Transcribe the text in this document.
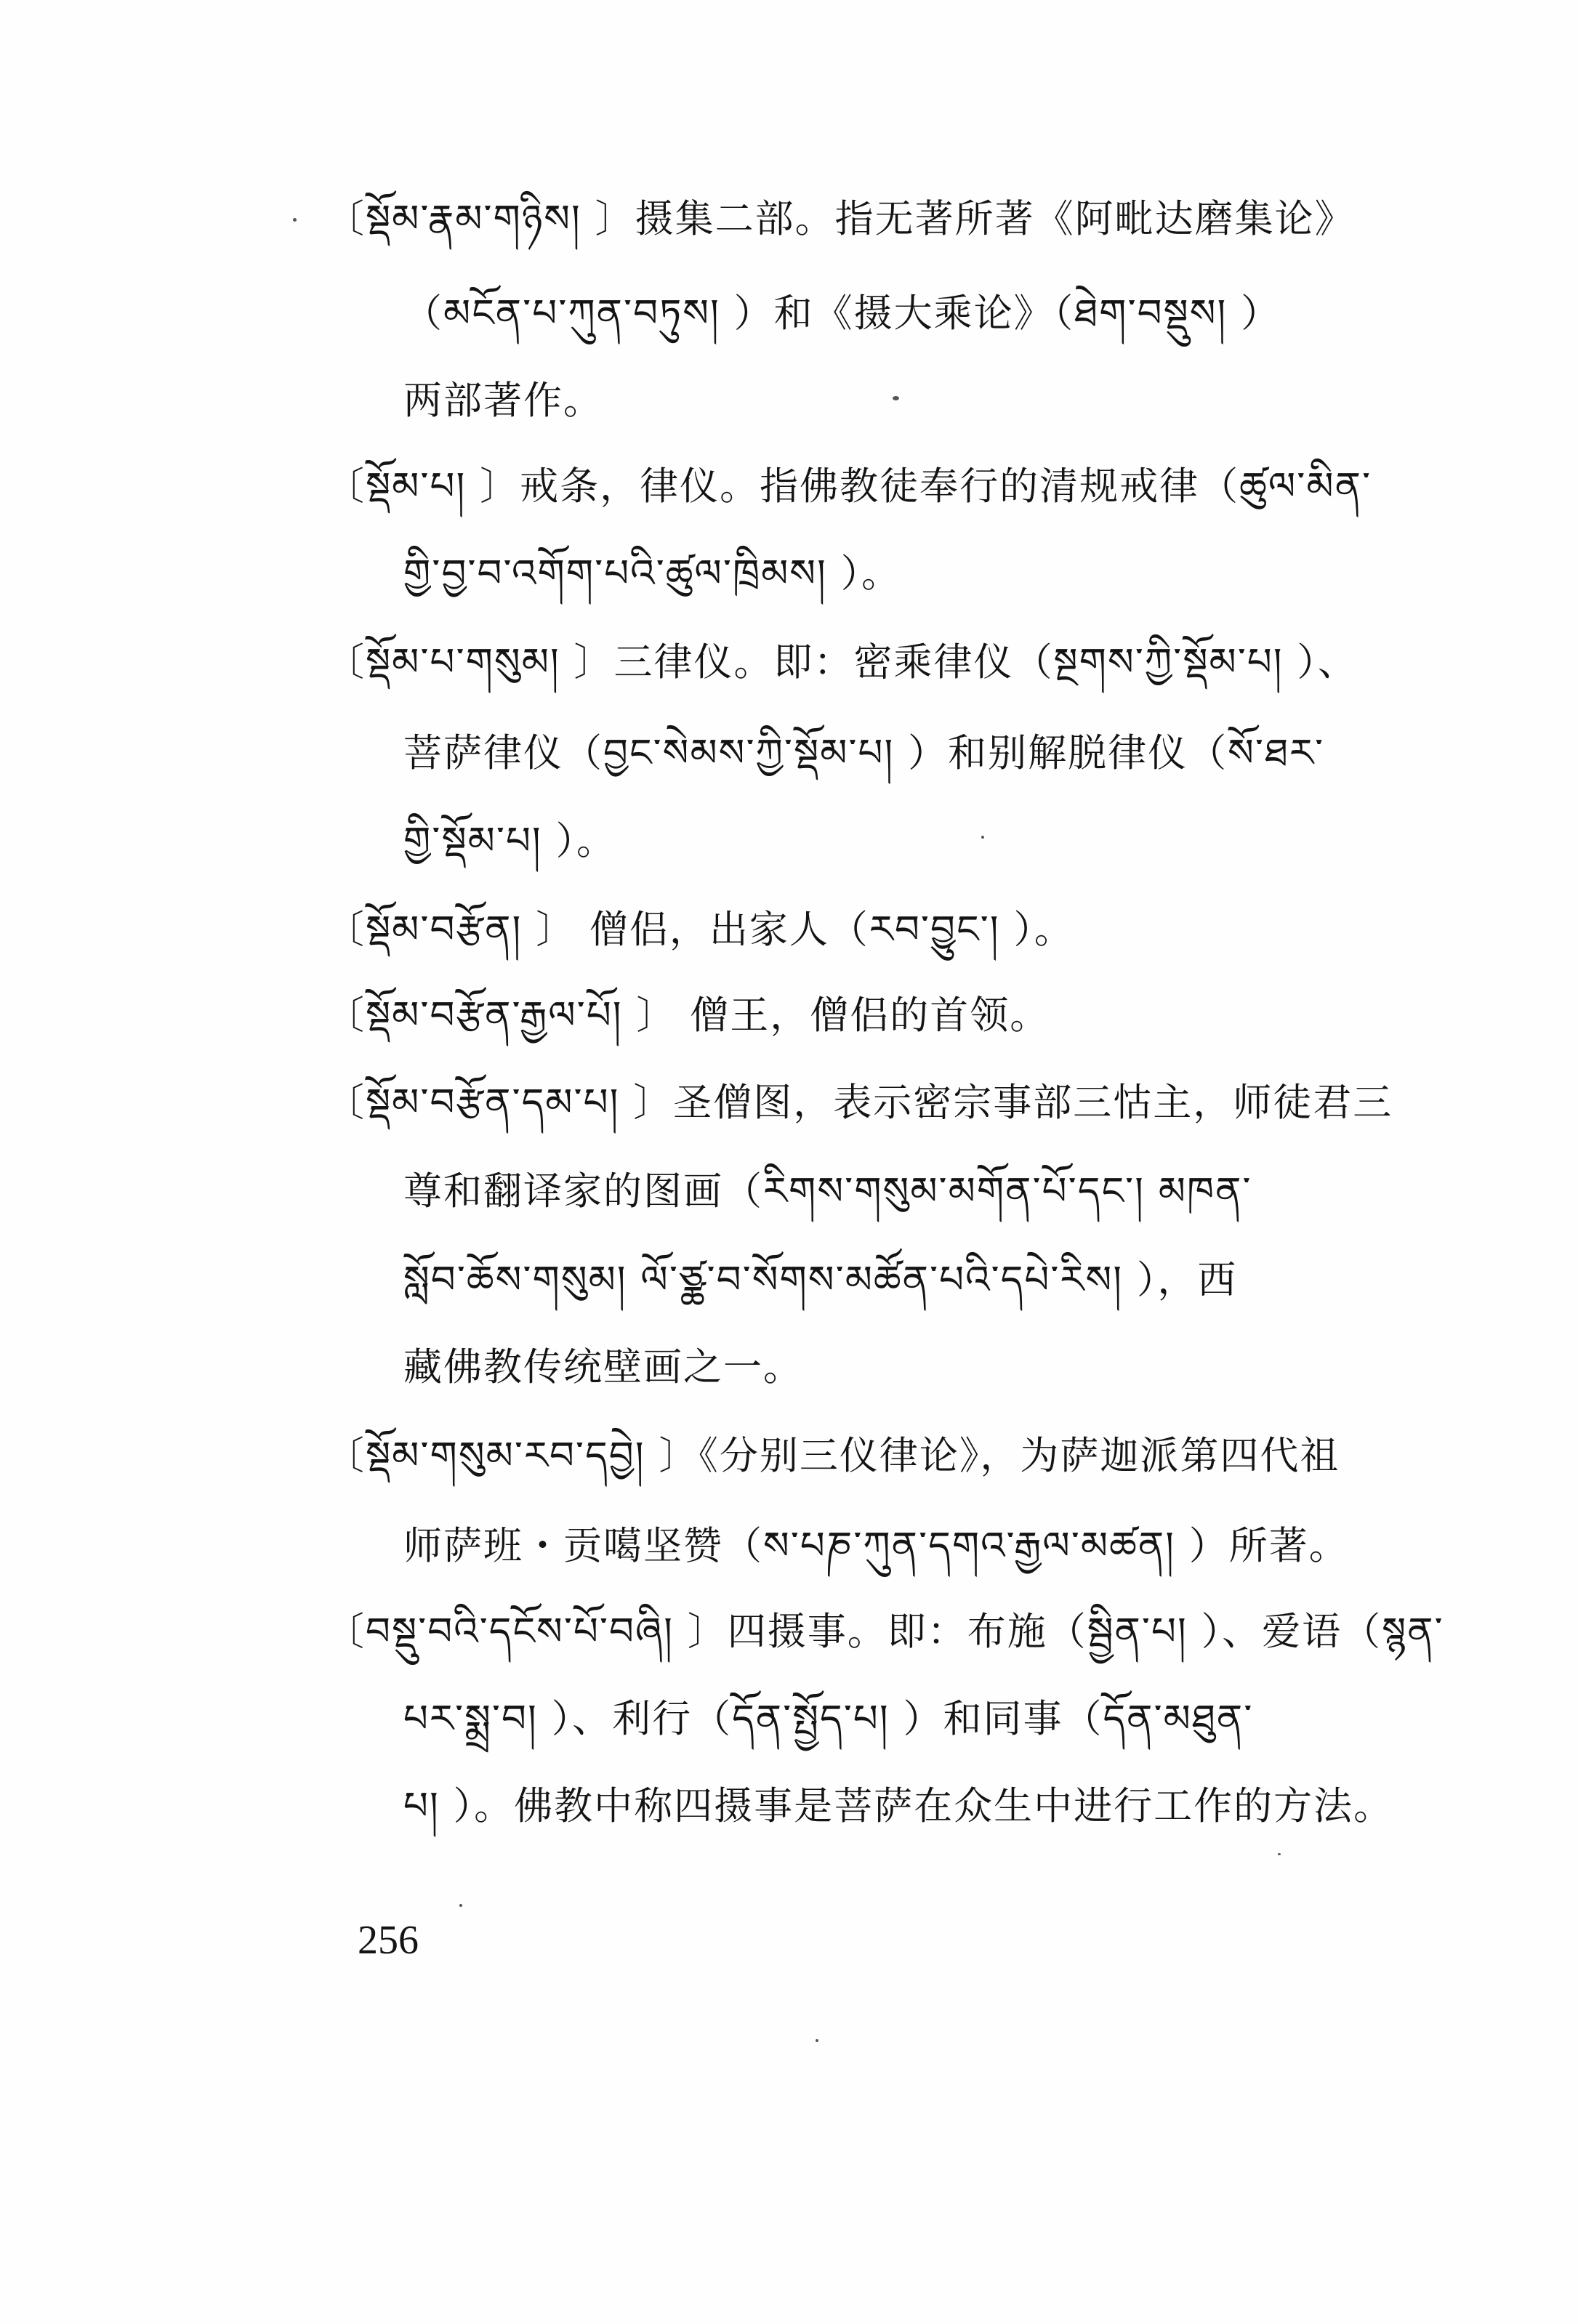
〔སྡོམ་རྣམ་གཉིས། 〕摄集二部。指无著所著《阿毗达磨集论》
（མངོན་པ་ཀུན་བཏུས། ）和《摄大乘论》（ཐེག་བསྡུས། ）
两部著作。
〔སྡོམ་པ། 〕戒条，律仪。指佛教徒奉行的清规戒律（ཚུལ་མིན་
གྱི་བྱ་བ་འགོག་པའི་ཚུལ་ཁྲིམས། ）。
〔སྡོམ་པ་གསུམ། 〕三律仪。即：密乘律仪（སྔགས་ཀྱི་སྡོམ་པ། ）、
菩萨律仪（བྱང་སེམས་ཀྱི་སྡོམ་པ། ）和别解脱律仪（སོ་ཐར་
གྱི་སྡོམ་པ། ）。
〔སྡོམ་བརྩོན། 〕 僧侣，出家人（རབ་བྱུང་། ）。
〔སྡོམ་བརྩོན་རྒྱལ་པོ། 〕 僧王，僧侣的首领。
〔སྡོམ་བརྩོན་དམ་པ། 〕圣僧图，表示密宗事部三怙主，师徒君三
尊和翻译家的图画（རིགས་གསུམ་མགོན་པོ་དང་། མཁན་
སློབ་ཆོས་གསུམ། ལོ་ཙྪ་བ་སོགས་མཚོན་པའི་དཔེ་རིས། ），西
藏佛教传统壁画之一。
〔སྡོམ་གསུམ་རབ་དབྱེ། 〕《分别三仪律论》，为萨迦派第四代祖
师萨班・贡噶坚赞（ས་པཎ་ཀུན་དགའ་རྒྱལ་མཚན། ）所著。
〔བསྡུ་བའི་དངོས་པོ་བཞི། 〕四摄事。即：布施（སྦྱིན་པ། ）、爱语（སྙན་
པར་སྨྲ་བ། ）、利行（དོན་སྤྱོད་པ། ）和同事（དོན་མཐུན་
པ། ）。佛教中称四摄事是菩萨在众生中进行工作的方法。
256
